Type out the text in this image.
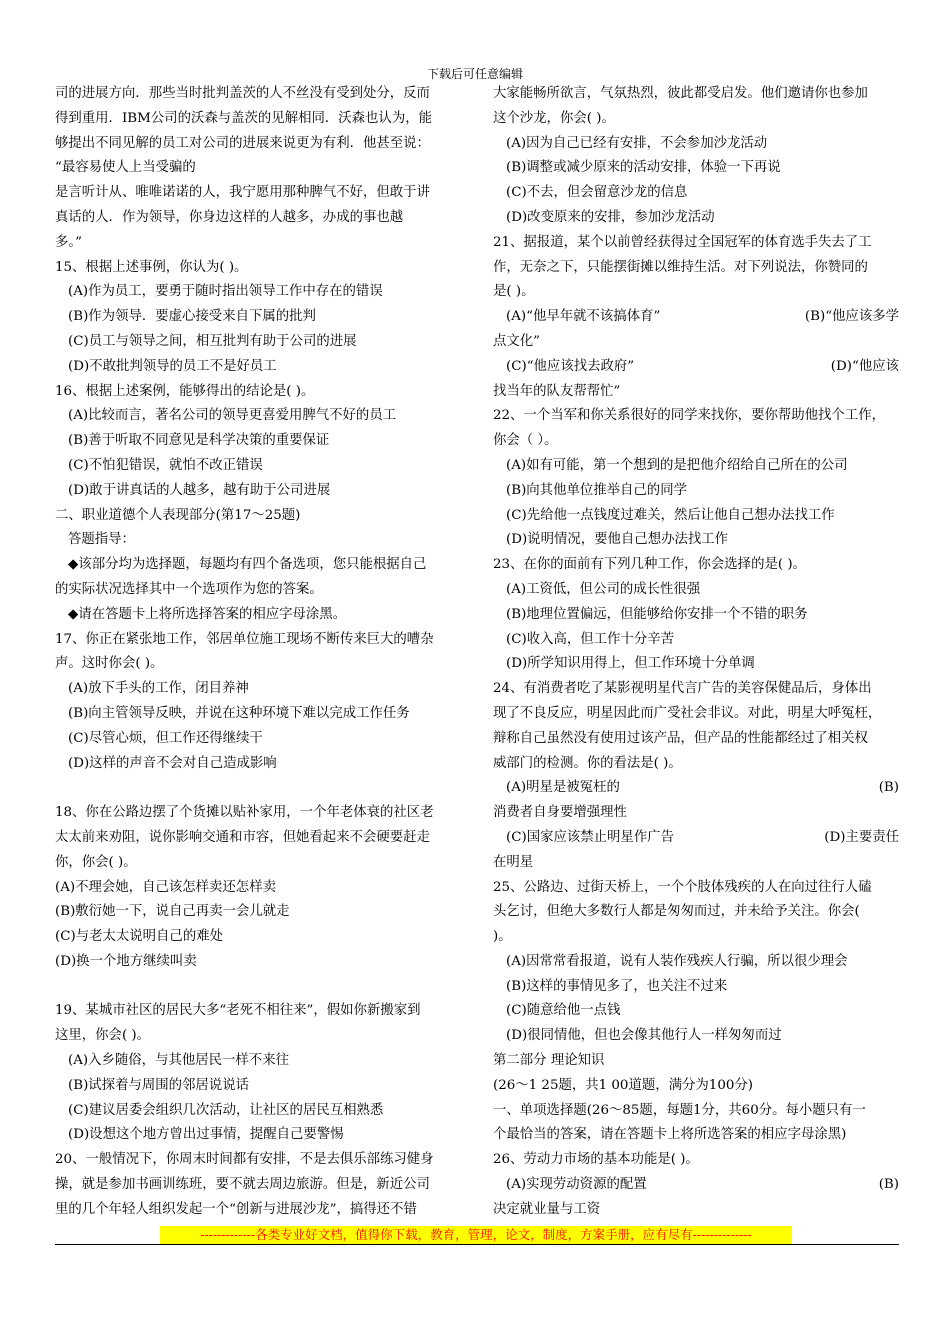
下载后可任意编辑
司的进展方向．那些当时批判盖茨的人不丝没有受到处分，反而
得到重用．IBM公司的沃森与盖茨的见解相同．沃森也认为，能
够提出不同见解的员工对公司的进展来说更为有利．他甚至说：
“最容易使人上当受骗的
是言听计从、唯唯诺诺的人，我宁愿用那种脾气不好，但敢于讲
真话的人．作为领导，你身边这样的人越多，办成的事也越
多。”
15、根据上述事例，你认为( )。
(A)作为员工，要勇于随时指出领导工作中存在的错误
(B)作为领导．要虚心接受来自下属的批判
(C)员工与领导之间，相互批判有助于公司的进展
(D)不敢批判领导的员工不是好员工
16、根据上述案例，能够得出的结论是( )。
(A)比较而言，著名公司的领导更喜爱用脾气不好的员工
(B)善于听取不同意见是科学决策的重要保证
(C)不怕犯错误，就怕不改正错误
(D)敢于讲真话的人越多，越有助于公司进展
二、职业道德个人表现部分(第17～25题)
答题指导：
◆该部分均为选择题，每题均有四个备选项，您只能根据自己
的实际状况选择其中一个选项作为您的答案。
◆请在答题卡上将所选择答案的相应字母涂黑。
17、你正在紧张地工作，邻居单位施工现场不断传来巨大的嘈杂
声。这时你会( )。
(A)放下手头的工作，闭目养神
(B)向主管领导反映，并说在这种环境下难以完成工作任务
(C)尽管心烦，但工作还得继续干
(D)这样的声音不会对自己造成影响
18、你在公路边摆了个货摊以贴补家用，一个年老体衰的社区老
太太前来劝阻，说你影响交通和市容，但她看起来不会硬要赶走
你，你会( )。
(A)不理会她，自己该怎样卖还怎样卖
(B)敷衍她一下，说自己再卖一会儿就走
(C)与老太太说明自己的难处
(D)换一个地方继续叫卖
19、某城市社区的居民大多“老死不相往来”，假如你新搬家到
这里，你会( )。
(A)入乡随俗，与其他居民一样不来往
(B)试探着与周围的邻居说说话
(C)建议居委会组织几次活动，让社区的居民互相熟悉
(D)设想这个地方曾出过事情，提醒自己要警惕
20、一般情况下，你周末时间都有安排，不是去俱乐部练习健身
操，就是参加书画训练班，要不就去周边旅游。但是，新近公司
里的几个年轻人组织发起一个“创新与进展沙龙”，搞得还不错
大家能畅所欲言，气氛热烈，彼此都受启发。他们邀请你也参加
这个沙龙，你会( )。
(A)因为自己已经有安排，不会参加沙龙活动
(B)调整或减少原来的活动安排，体验一下再说
(C)不去，但会留意沙龙的信息
(D)改变原来的安排，参加沙龙活动
21、据报道，某个以前曾经获得过全国冠军的体育选手失去了工
作，无奈之下，只能摆街摊以维持生活。对下列说法，你赞同的
是( )。
(A)“他早年就不该搞体育”	(B)“他应该多学
点文化”
(C)“他应该找去政府”	(D)“他应该
找当年的队友帮帮忙”
22、一个当军和你关系很好的同学来找你，要你帮助他找个工作，
你会（ ）。
(A)如有可能，第一个想到的是把他介绍给自己所在的公司
(B)向其他单位推举自己的同学
(C)先给他一点钱度过难关，然后让他自己想办法找工作
(D)说明情况，要他自己想办法找工作
23、在你的面前有下列几种工作，你会选择的是( )。
(A)工资低，但公司的成长性很强
(B)地理位置偏远，但能够给你安排一个不错的职务
(C)收入高，但工作十分辛苦
(D)所学知识用得上，但工作环境十分单调
24、有消费者吃了某影视明星代言广告的美容保健品后，身体出
现了不良反应，明星因此而广受社会非议。对此，明星大呼冤枉，
辩称自己虽然没有使用过该产品，但产品的性能都经过了相关权
威部门的检测。你的看法是( )。
(A)明星是被冤枉的	(B)
消费者自身要增强理性
(C)国家应该禁止明星作广告	(D)主要责任
在明星
25、公路边、过街天桥上，一个个肢体残疾的人在向过往行人磕
头乞讨，但绝大多数行人都是匆匆而过，并未给予关注。你会(
)。
(A)因常常看报道，说有人装作残疾人行骗，所以很少理会
(B)这样的事情见多了，也关注不过来
(C)随意给他一点钱
(D)很同情他，但也会像其他行人一样匆匆而过
第二部分 理论知识
(26～1 25题，共1 00道题，满分为100分)
一、单项选择题(26～85题，每题1分，共60分。每小题只有一
个最恰当的答案，请在答题卡上将所选答案的相应字母涂黑)
26、劳动力市场的基本功能是( )。
(A)实现劳动资源的配置	(B)
决定就业量与工资
-------------各类专业好文档，值得你下载，教育，管理，论文，制度，方案手册，应有尽有--------------
